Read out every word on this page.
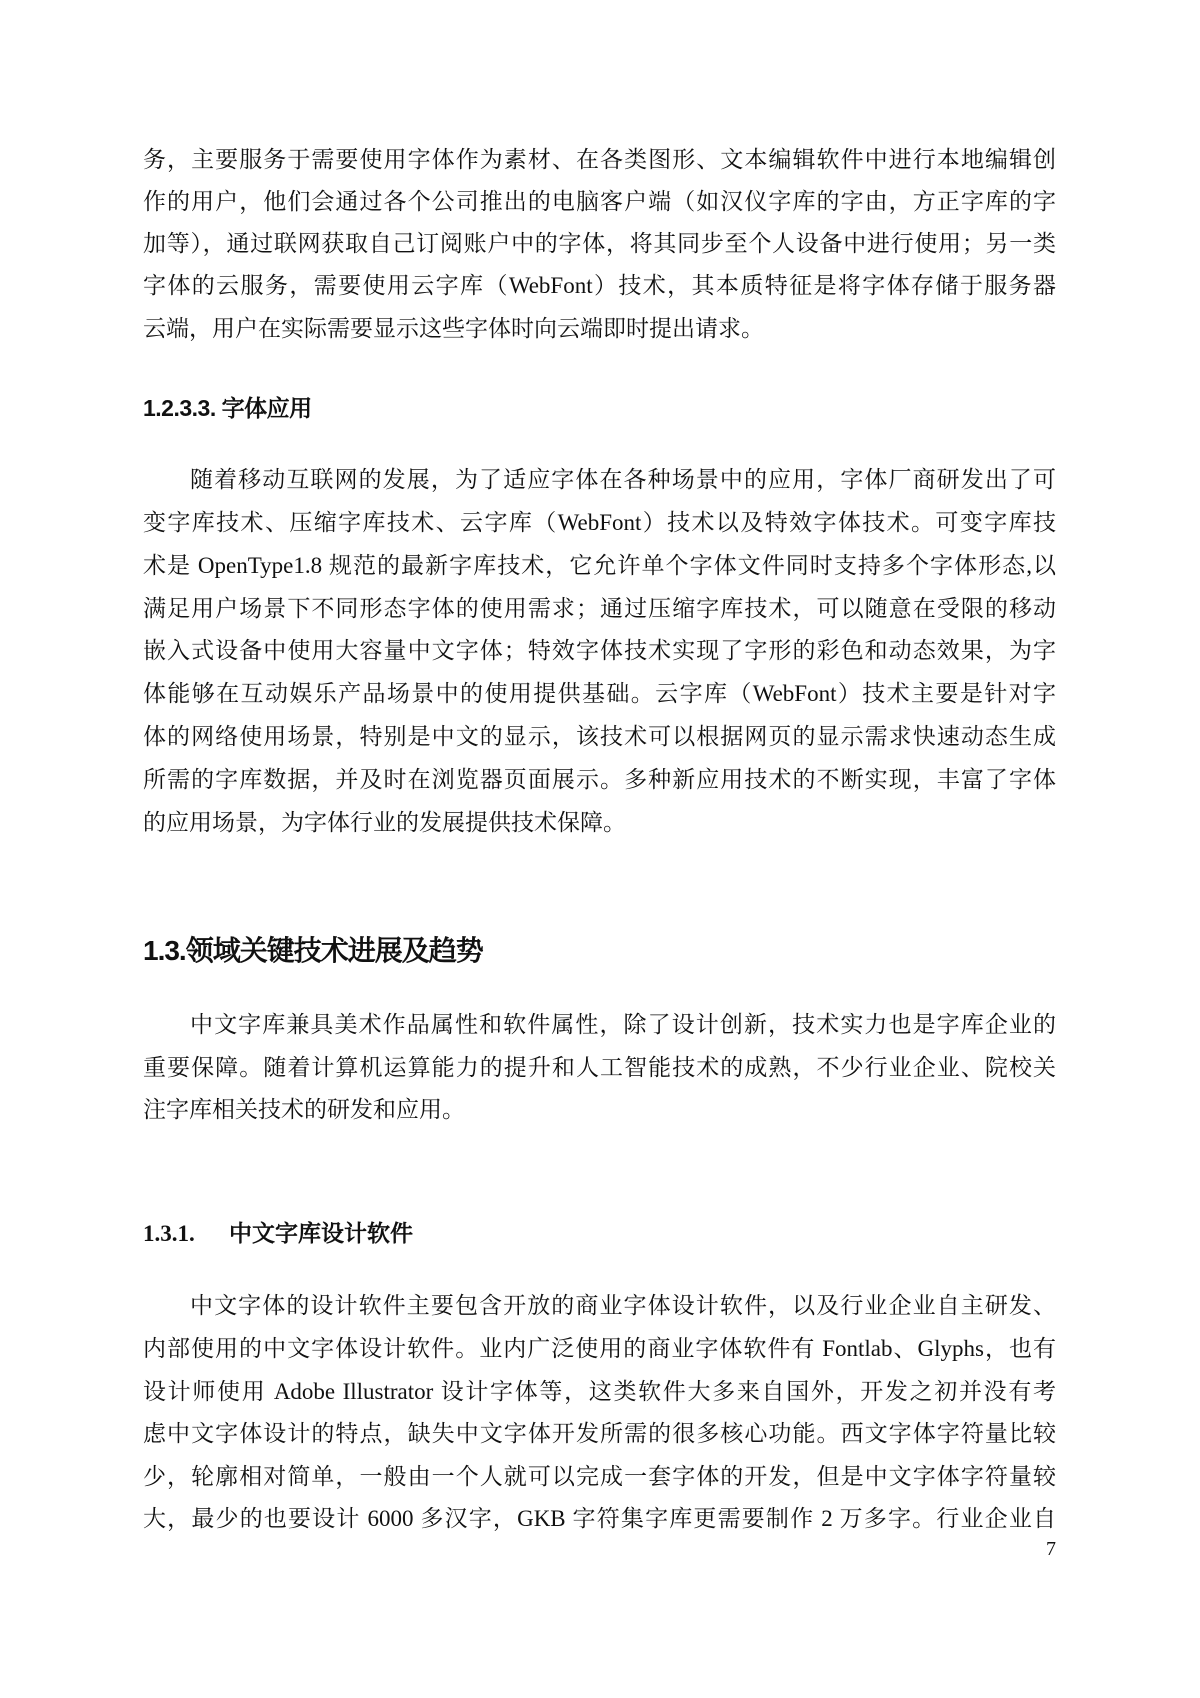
务，主要服务于需要使用字体作为素材、在各类图形、文本编辑软件中进行本地编辑创
作的用户，他们会通过各个公司推出的电脑客户端（如汉仪字库的字由，方正字库的字
加等），通过联网获取自己订阅账户中的字体，将其同步至个人设备中进行使用；另一类
字体的云服务，需要使用云字库（WebFont）技术，其本质特征是将字体存储于服务器
云端，用户在实际需要显示这些字体时向云端即时提出请求。
1.2.3.3. 字体应用
随着移动互联网的发展，为了适应字体在各种场景中的应用，字体厂商研发出了可
变字库技术、压缩字库技术、云字库（WebFont）技术以及特效字体技术。可变字库技
术是 OpenType1.8 规范的最新字库技术，它允许单个字体文件同时支持多个字体形态,以
满足用户场景下不同形态字体的使用需求；通过压缩字库技术，可以随意在受限的移动
嵌入式设备中使用大容量中文字体；特效字体技术实现了字形的彩色和动态效果，为字
体能够在互动娱乐产品场景中的使用提供基础。云字库（WebFont）技术主要是针对字
体的网络使用场景，特别是中文的显示，该技术可以根据网页的显示需求快速动态生成
所需的字库数据，并及时在浏览器页面展示。多种新应用技术的不断实现，丰富了字体
的应用场景，为字体行业的发展提供技术保障。
1.3.领域关键技术进展及趋势
中文字库兼具美术作品属性和软件属性，除了设计创新，技术实力也是字库企业的
重要保障。随着计算机运算能力的提升和人工智能技术的成熟，不少行业企业、院校关
注字库相关技术的研发和应用。
1.3.1. 中文字库设计软件
中文字体的设计软件主要包含开放的商业字体设计软件，以及行业企业自主研发、
内部使用的中文字体设计软件。业内广泛使用的商业字体软件有 Fontlab、Glyphs，也有
设计师使用 Adobe Illustrator 设计字体等，这类软件大多来自国外，开发之初并没有考
虑中文字体设计的特点，缺失中文字体开发所需的很多核心功能。西文字体字符量比较
少，轮廓相对简单，一般由一个人就可以完成一套字体的开发，但是中文字体字符量较
大，最少的也要设计 6000 多汉字，GKB 字符集字库更需要制作 2 万多字。行业企业自
7
